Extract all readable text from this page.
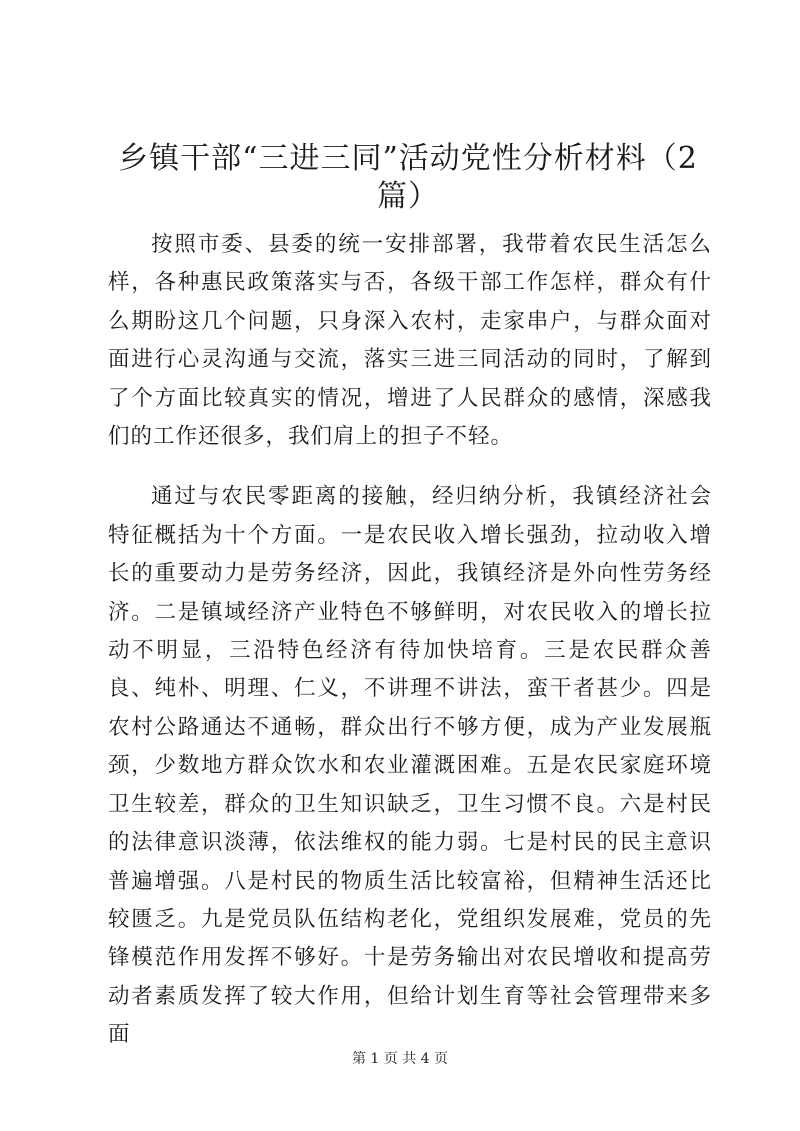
乡镇干部“三进三同”活动党性分析材料（2篇）

按照市委、县委的统一安排部署，我带着农民生活怎么样，各种惠民政策落实与否，各级干部工作怎样，群众有什么期盼这几个问题，只身深入农村，走家串户，与群众面对面进行心灵沟通与交流，落实三进三同活动的同时，了解到了个方面比较真实的情况，增进了人民群众的感情，深感我们的工作还很多，我们肩上的担子不轻。

通过与农民零距离的接触，经归纳分析，我镇经济社会特征概括为十个方面。一是农民收入增长强劲，拉动收入增长的重要动力是劳务经济，因此，我镇经济是外向性劳务经济。二是镇域经济产业特色不够鲜明，对农民收入的增长拉动不明显，三沿特色经济有待加快培育。三是农民群众善良、纯朴、明理、仁义，不讲理不讲法，蛮干者甚少。四是农村公路通达不通畅，群众出行不够方便，成为产业发展瓶颈，少数地方群众饮水和农业灌溉困难。五是农民家庭环境卫生较差，群众的卫生知识缺乏，卫生习惯不良。六是村民的法律意识淡薄，依法维权的能力弱。七是村民的民主意识普遍增强。八是村民的物质生活比较富裕，但精神生活还比较匮乏。九是党员队伍结构老化，党组织发展难，党员的先锋模范作用发挥不够好。十是劳务输出对农民增收和提高劳动者素质发挥了较大作用，但给计划生育等社会管理带来多面

第 1 页 共 4 页
